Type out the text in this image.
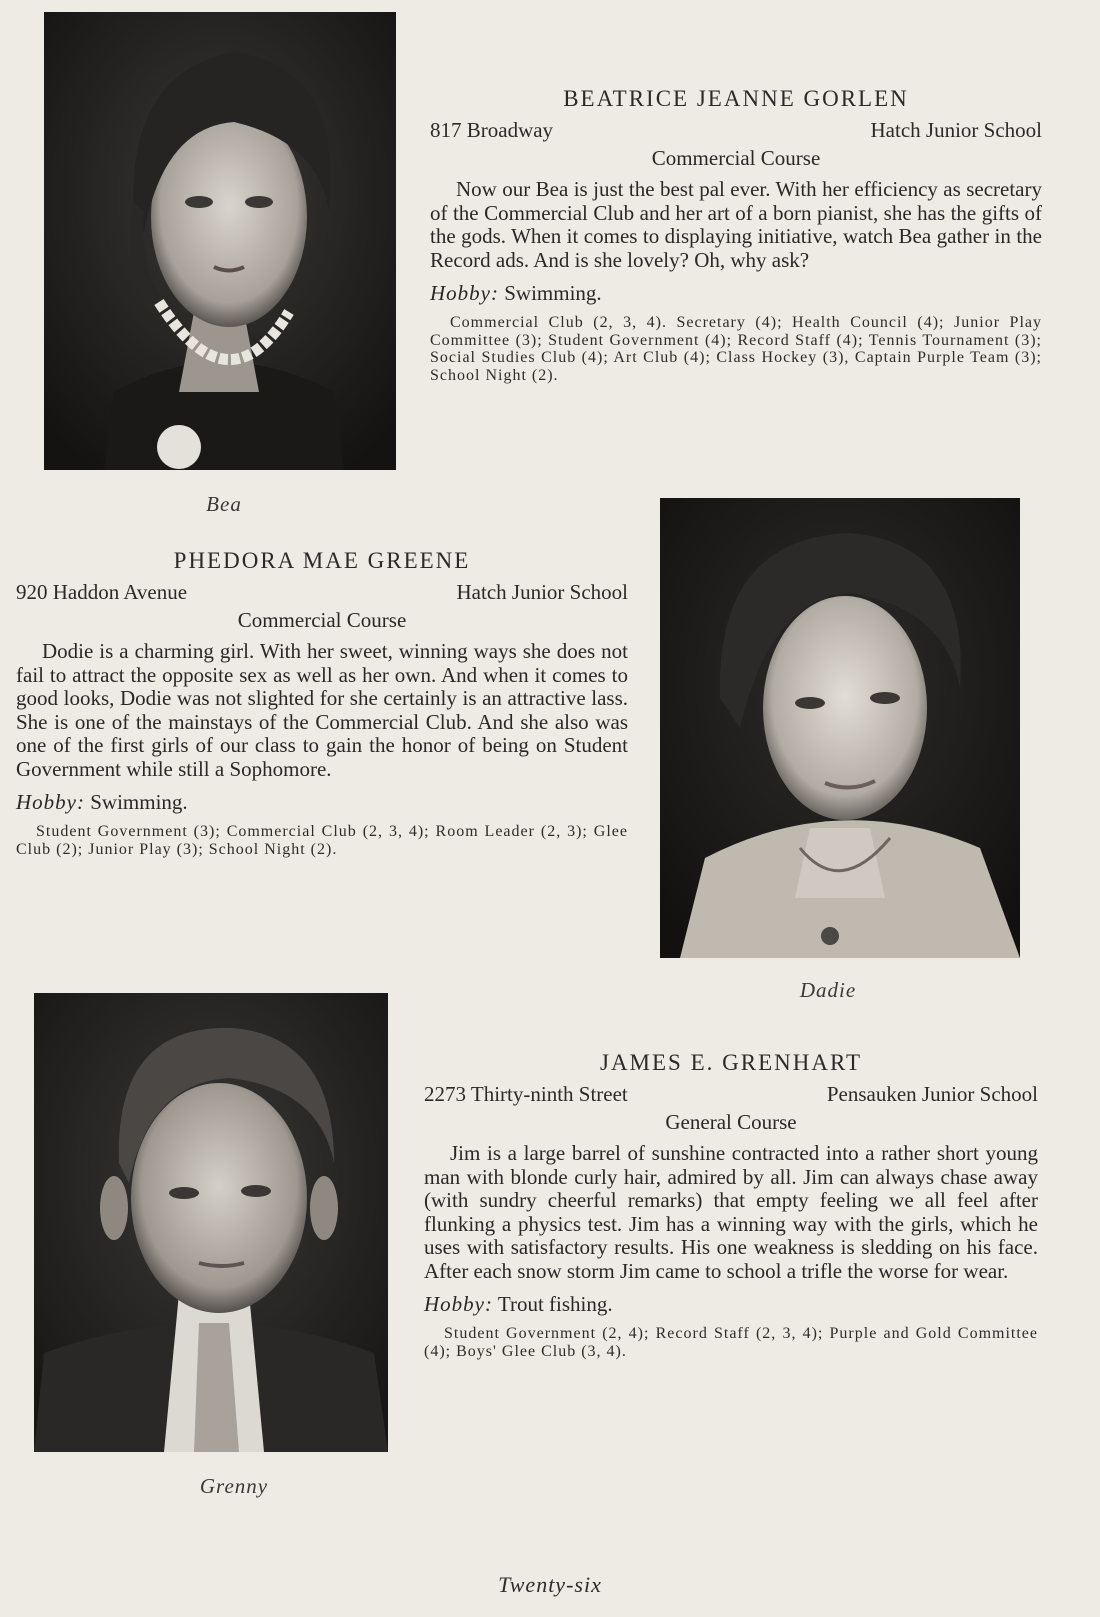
Bea
BEATRICE JEANNE GORLEN
817 Broadway	Hatch Junior School
Commercial Course

Now our Bea is just the best pal ever. With her efficiency as secretary of the Commercial Club and her art of a born pianist, she has the gifts of the gods. When it comes to displaying initiative, watch Bea gather in the Record ads. And is she lovely? Oh, why ask?

Hobby: Swimming.
Commercial Club (2, 3, 4). Secretary (4); Health Council (4); Junior Play Committee (3); Student Government (4); Record Staff (4); Tennis Tournament (3); Social Studies Club (4); Art Club (4); Class Hockey (3), Captain Purple Team (3); School Night (2).
PHEDORA MAE GREENE
920 Haddon Avenue	Hatch Junior School
Commercial Course

Dodie is a charming girl. With her sweet, winning ways she does not fail to attract the opposite sex as well as her own. And when it comes to good looks, Dodie was not slighted for she certainly is an attractive lass. She is one of the mainstays of the Commercial Club. And she also was one of the first girls of our class to gain the honor of being on Student Government while still a Sophomore.

Hobby: Swimming.
Student Government (3); Commercial Club (2, 3, 4); Room Leader (2, 3); Glee Club (2); Junior Play (3); School Night (2).
Dadie
Grenny
JAMES E. GRENHART
2273 Thirty-ninth Street	Pensauken Junior School
General Course

Jim is a large barrel of sunshine contracted into a rather short young man with blonde curly hair, admired by all. Jim can always chase away (with sundry cheerful remarks) that empty feeling we all feel after flunking a physics test. Jim has a winning way with the girls, which he uses with satisfactory results. His one weakness is sledding on his face. After each snow storm Jim came to school a trifle the worse for wear.

Hobby: Trout fishing.
Student Government (2, 4); Record Staff (2, 3, 4); Purple and Gold Committee (4); Boys' Glee Club (3, 4).
Twenty-six
